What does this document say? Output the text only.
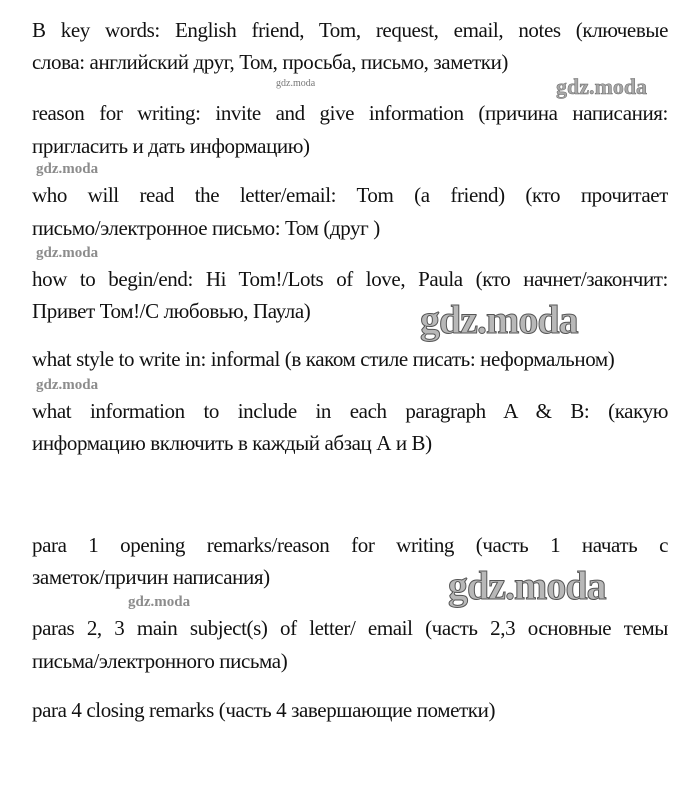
B key words: English friend, Tom, request, email, notes (ключевые
слова: английский друг, Том, просьба, письмо, заметки)
reason for writing: invite and give information (причина написания:
пригласить и дать информацию)
who will read the letter/email: Tom (a friend) (кто прочитает
письмо/электронное письмо: Том (друг )
how to begin/end: Hi Tom!/Lots of love, Paula (кто начнет/закончит:
Привет Том!/С любовью, Паула)
what style to write in: informal (в каком стиле писать: неформальном)
what information to include in each paragraph A & B: (какую
информацию включить в каждый абзац А и В)
para 1 opening remarks/reason for writing (часть 1 начать с
заметок/причин написания)
paras 2, 3 main subject(s) of letter/ email (часть 2,3 основные темы
письма/электронного письма)
para 4 closing remarks (часть 4 завершающие пометки)
gdz.moda	gdz.moda
gdz.moda
gdz.moda
gdz.moda
gdz.moda
gdz.moda
gdz.moda
